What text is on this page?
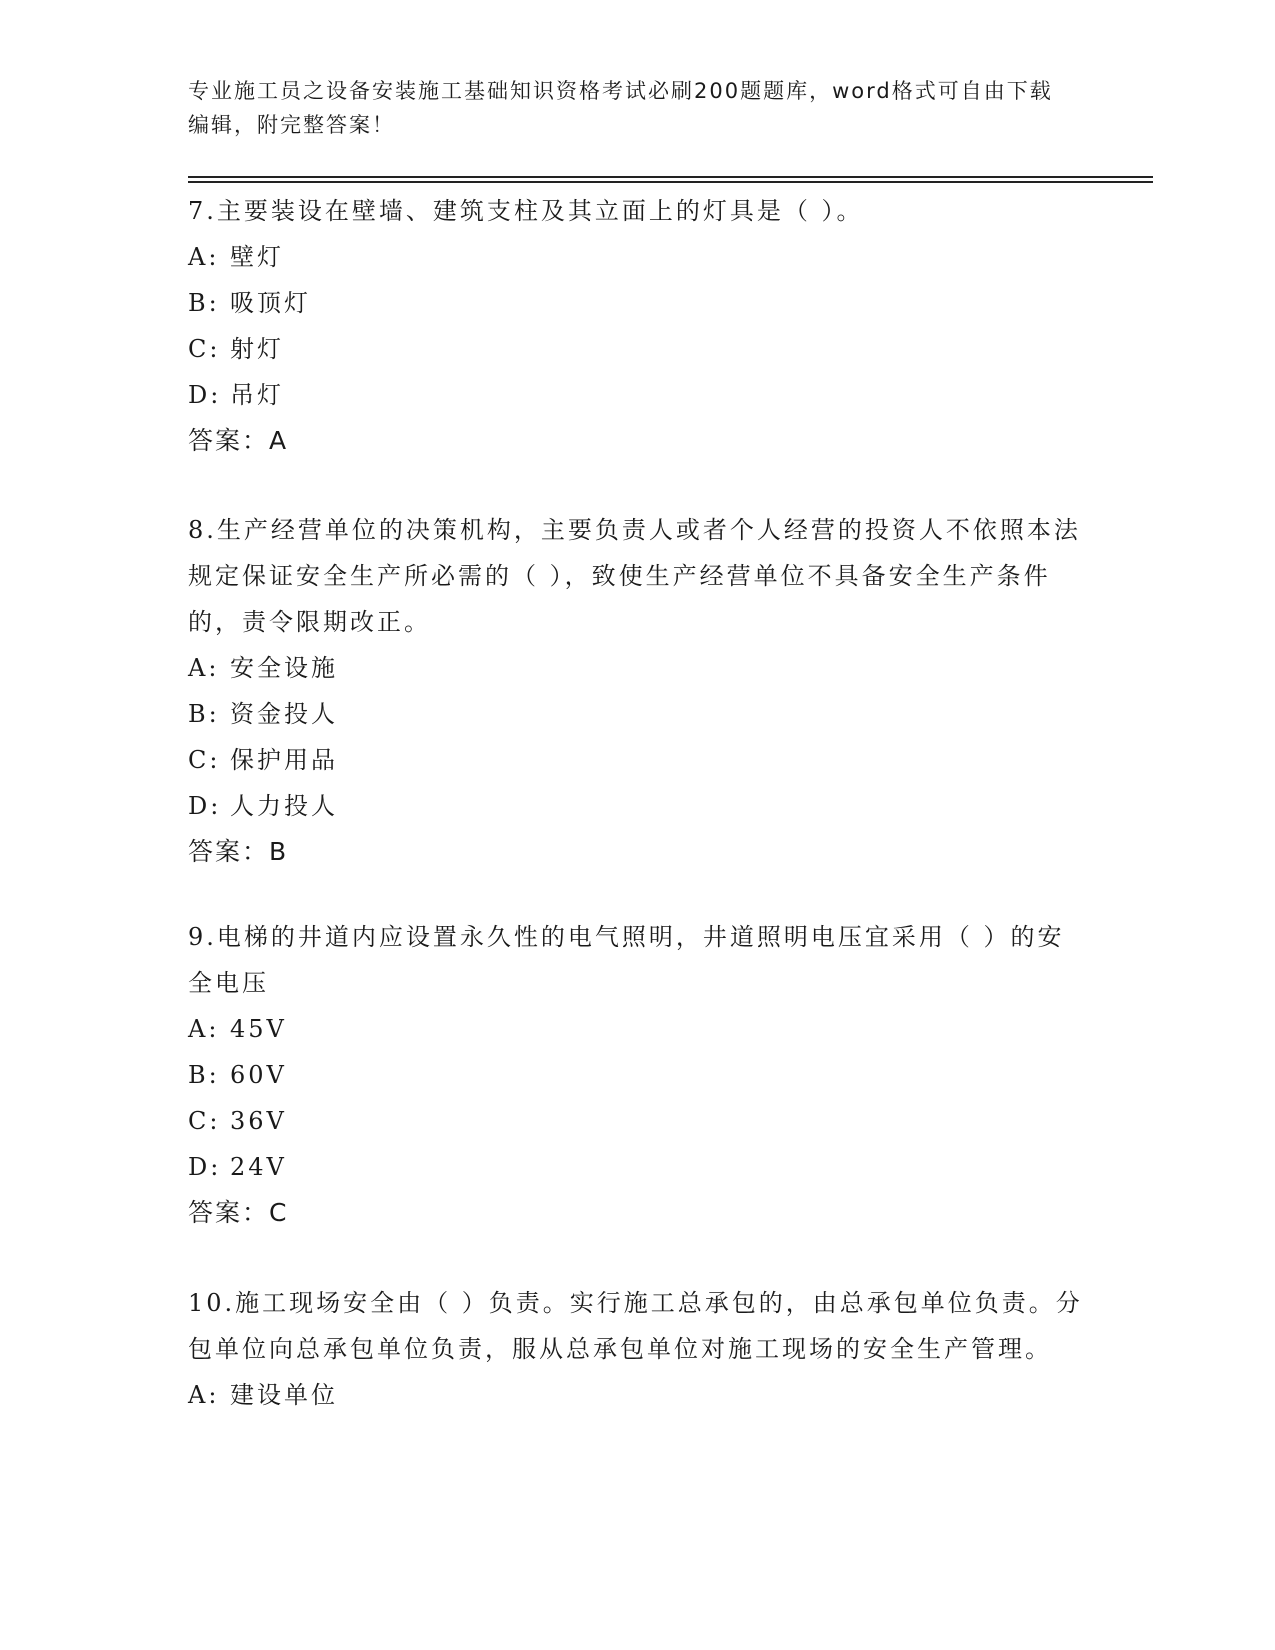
专业施工员之设备安装施工基础知识资格考试必刷200题题库，word格式可自由下载编辑，附完整答案！
7.主要装设在壁墙、建筑支柱及其立面上的灯具是（ ）。
A: 壁灯
B: 吸顶灯
C: 射灯
D: 吊灯
答案：A
8.生产经营单位的决策机构，主要负责人或者个人经营的投资人不依照本法规定保证安全生产所必需的（ ），致使生产经营单位不具备安全生产条件的，责令限期改正。
A: 安全设施
B: 资金投人
C: 保护用品
D: 人力投人
答案：B
9.电梯的井道内应设置永久性的电气照明，井道照明电压宜采用（ ）的安全电压
A: 45V
B: 60V
C: 36V
D: 24V
答案：C
10.施工现场安全由（ ）负责。实行施工总承包的，由总承包单位负责。分包单位向总承包单位负责，服从总承包单位对施工现场的安全生产管理。
A: 建设单位
